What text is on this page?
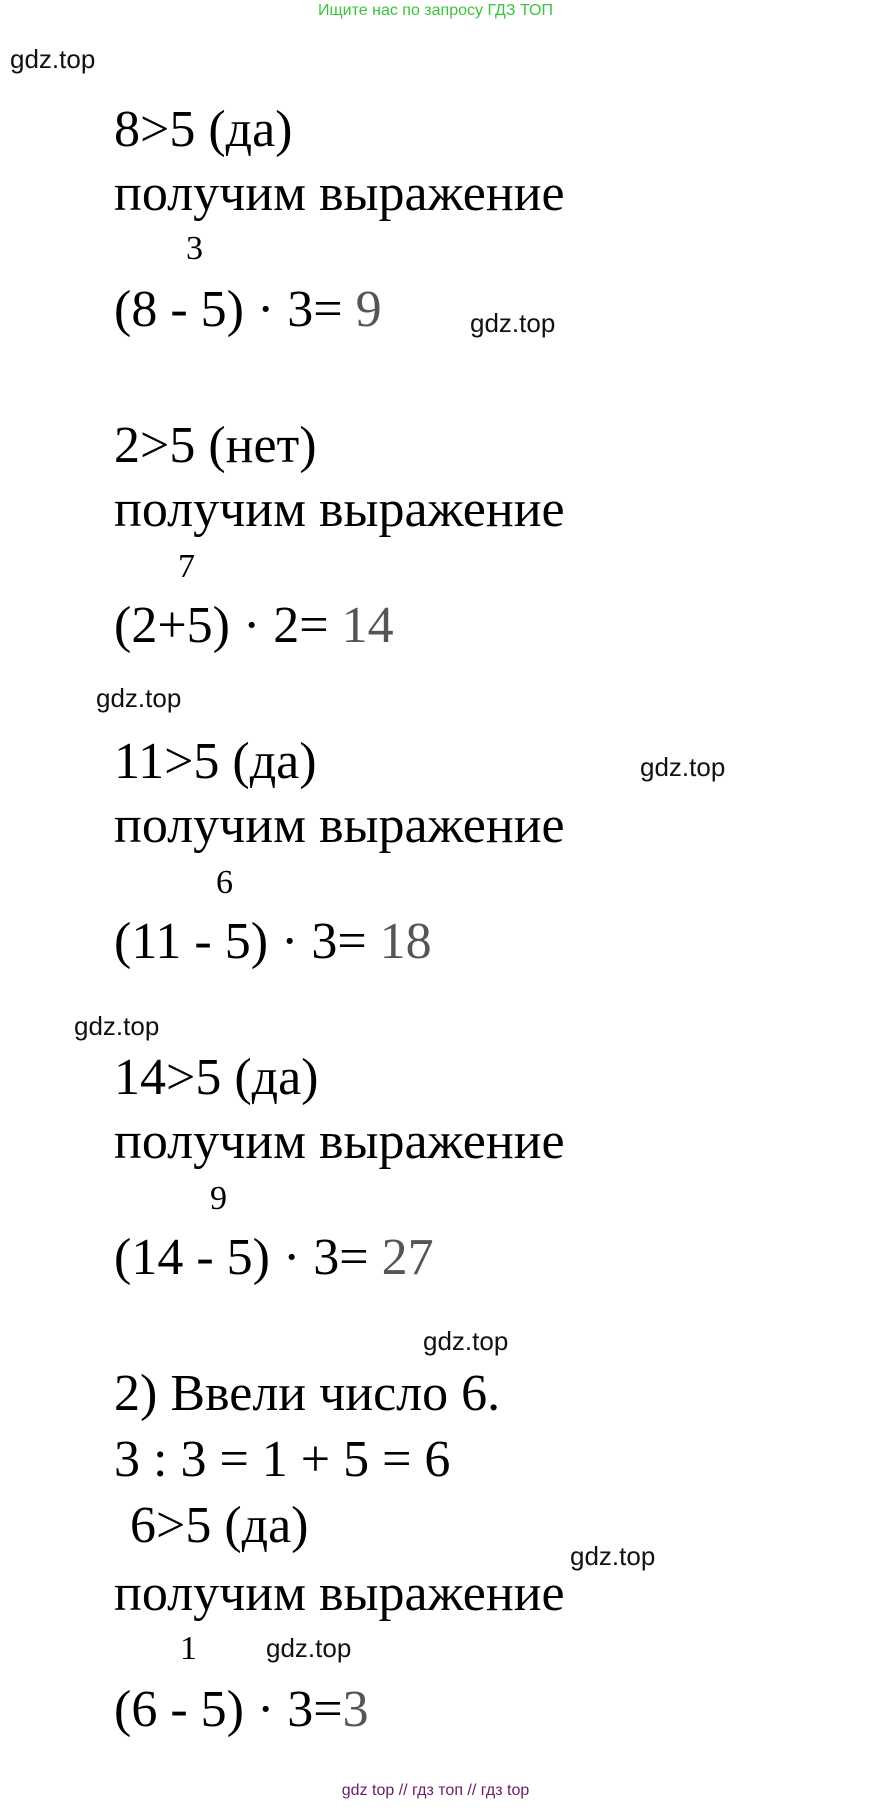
Ищите нас по запросу ГДЗ ТОП
gdz.top
gdz.top
gdz.top
gdz.top
gdz.top
gdz.top
gdz.top
gdz.top
8>5 (да)
получим выражение
3
(8 - 5) · 3= 9
2>5 (нет)
получим выражение
7
(2+5) · 2= 14
11>5 (да)
получим выражение
6
(11 - 5) · 3= 18
14>5 (да)
получим выражение
9
(14 - 5) · 3= 27
2) Ввели число 6.
3 : 3 = 1 + 5 = 6
6>5 (да)
получим выражение
1
(6 - 5) · 3=3
gdz top // гдз топ // гдз top
